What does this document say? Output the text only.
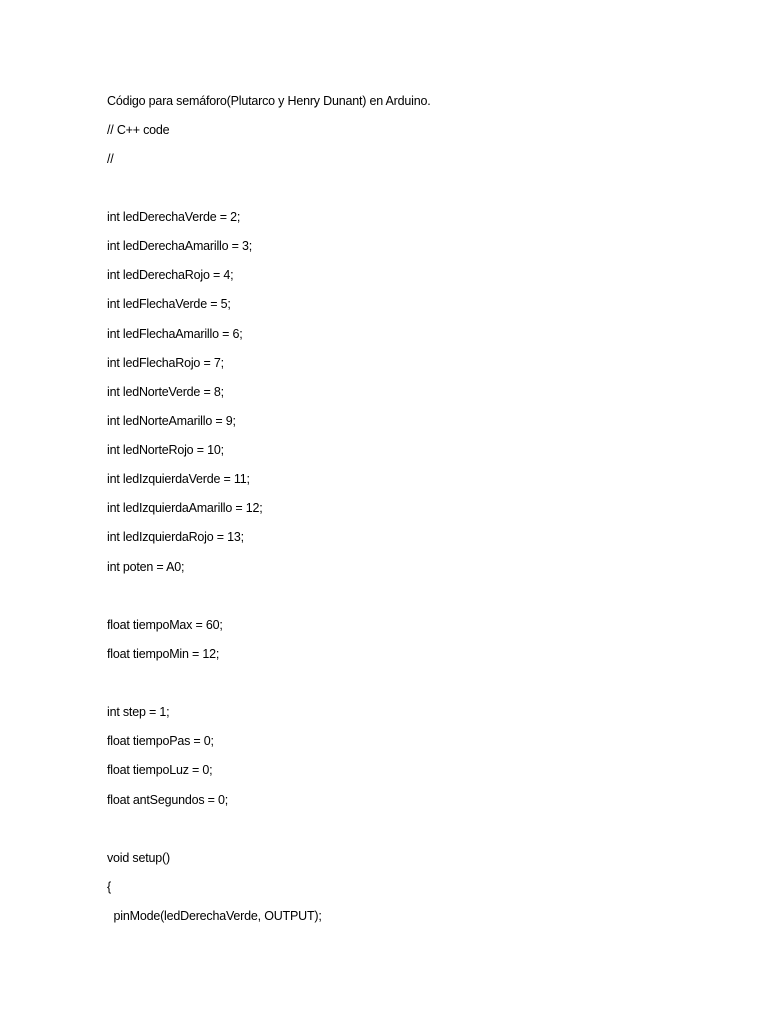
Código para semáforo(Plutarco y Henry Dunant) en Arduino.
// C++ code
//
int ledDerechaVerde = 2;
int ledDerechaAmarillo = 3;
int ledDerechaRojo = 4;
int ledFlechaVerde = 5;
int ledFlechaAmarillo = 6;
int ledFlechaRojo = 7;
int ledNorteVerde = 8;
int ledNorteAmarillo = 9;
int ledNorteRojo = 10;
int ledIzquierdaVerde = 11;
int ledIzquierdaAmarillo = 12;
int ledIzquierdaRojo = 13;
int poten = A0;
float tiempoMax = 60;
float tiempoMin = 12;
int step = 1;
float tiempoPas = 0;
float tiempoLuz = 0;
float antSegundos = 0;
void setup()
{
pinMode(ledDerechaVerde, OUTPUT);
